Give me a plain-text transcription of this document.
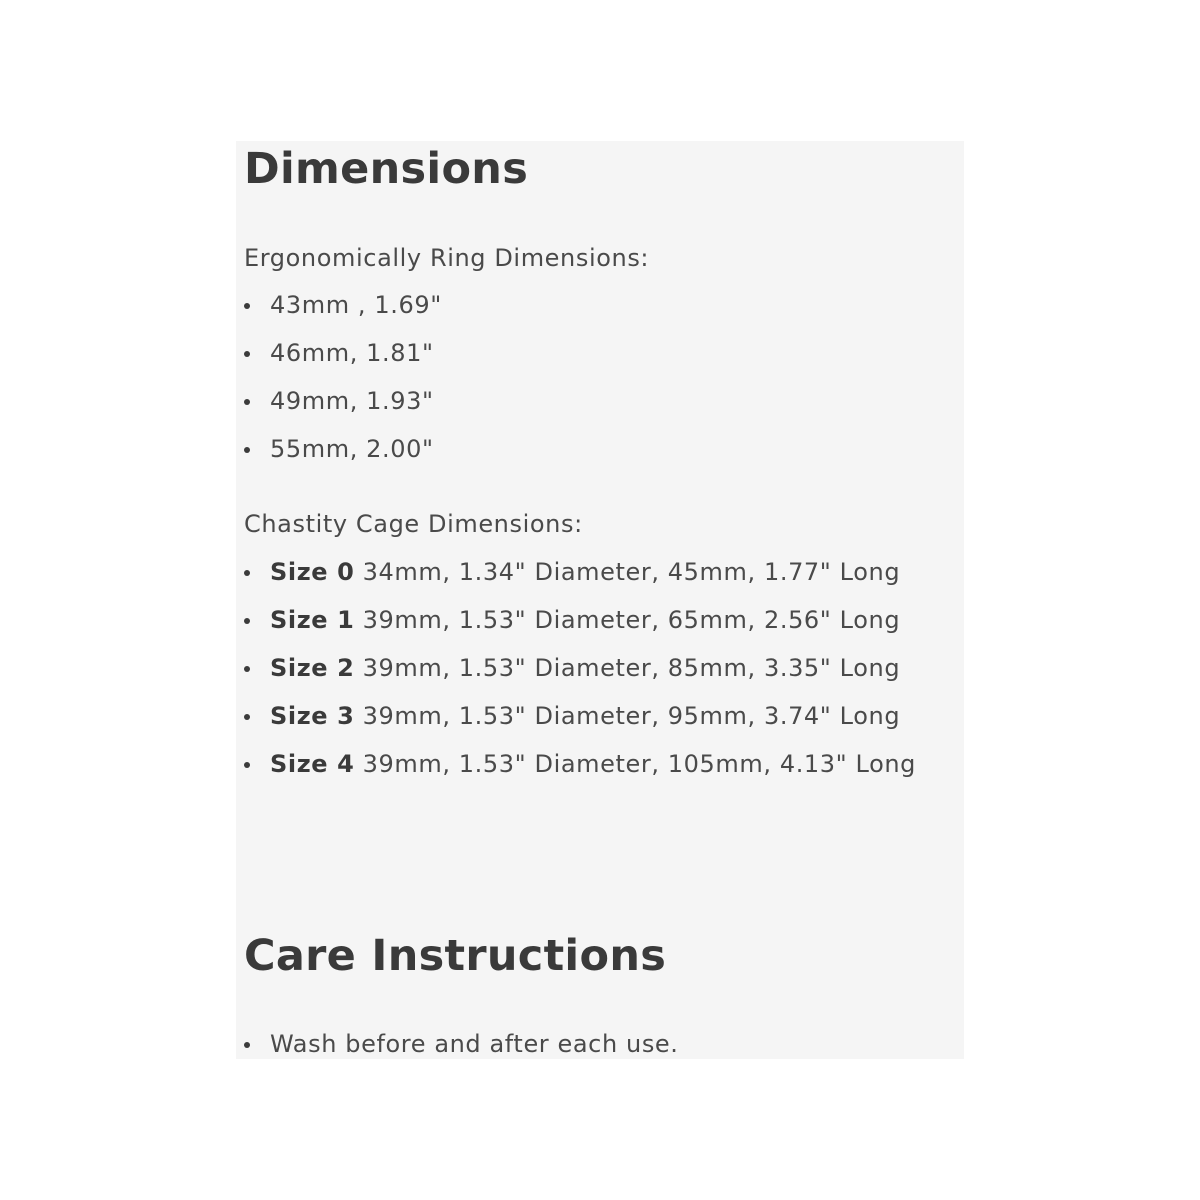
Dimensions

Ergonomically Ring Dimensions:

43mm , 1.69"
46mm, 1.81"
49mm, 1.93"
55mm, 2.00"

Chastity Cage Dimensions:

Size 0 34mm, 1.34" Diameter, 45mm, 1.77" Long
Size 1 39mm, 1.53" Diameter, 65mm, 2.56" Long
Size 2 39mm, 1.53" Diameter, 85mm, 3.35" Long
Size 3 39mm, 1.53" Diameter, 95mm, 3.74" Long
Size 4 39mm, 1.53" Diameter, 105mm, 4.13" Long
Care Instructions
Wash before and after each use.
